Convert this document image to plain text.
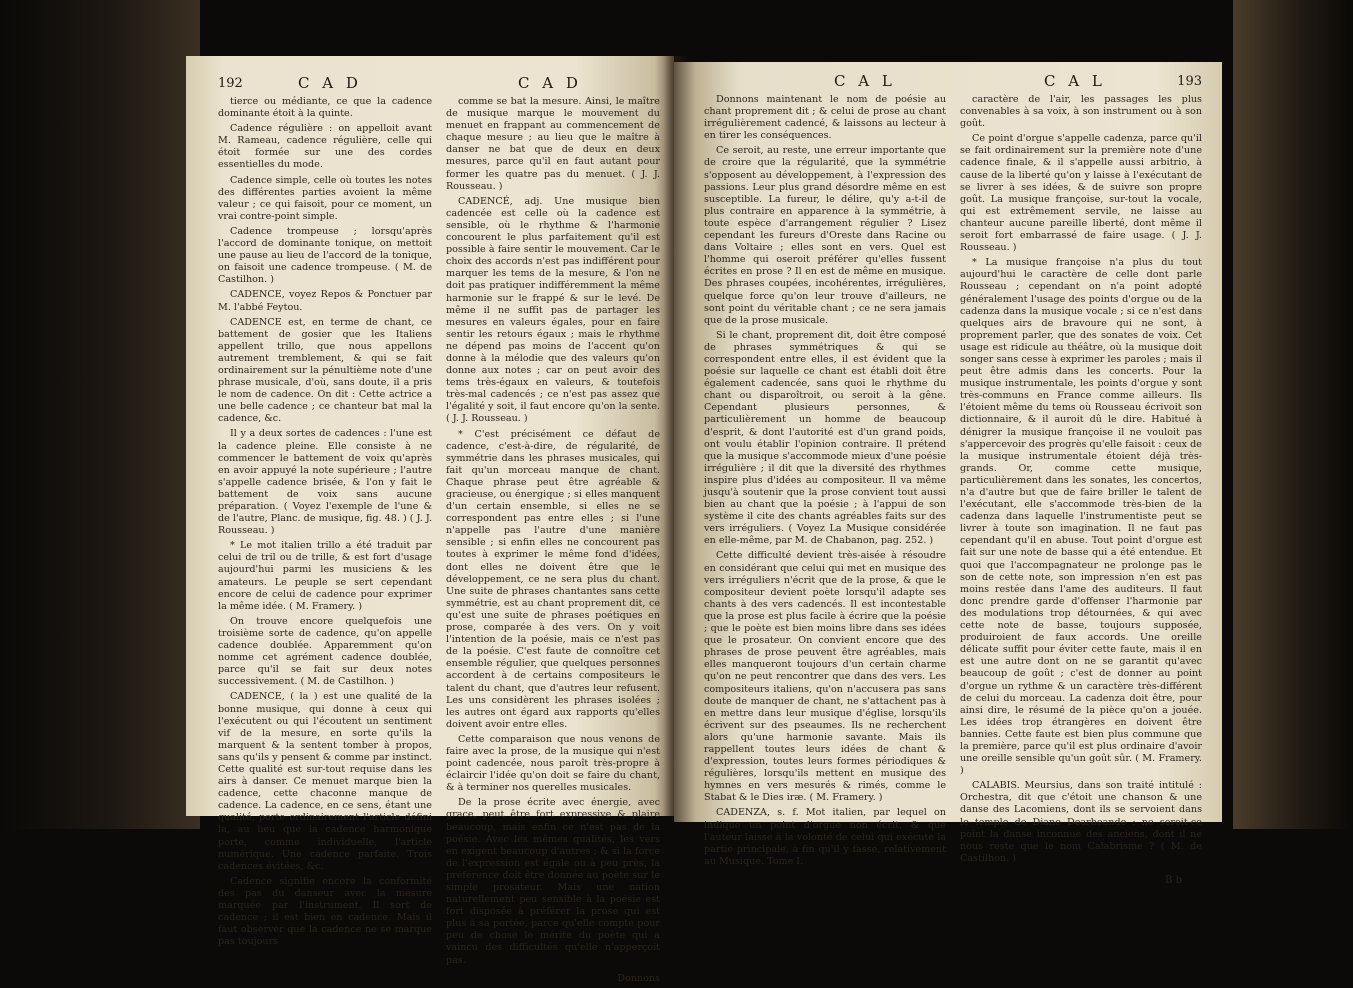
192	C A D	C A D

tierce ou médiante, ce que la cadence dominante étoit à la quinte.

Cadence régulière : on appelloit avant M. Rameau, cadence régulière, celle qui étoit formée sur une des cordes essentielles du mode.

Cadence simple, celle où toutes les notes des différentes parties avoient la même valeur ; ce qui faisoit, pour ce moment, un vrai contre-point simple.

Cadence trompeuse ; lorsqu'après l'accord de dominante tonique, on mettoit une pause au lieu de l'accord de la tonique, on faisoit une cadence trompeuse. ( M. de Castilhon. )

CADENCE, voyez Repos & Ponctuer par M. l'abbé Feytou.

CADENCE est, en terme de chant, ce battement de gosier que les Italiens appellent trillo, que nous appellons autrement tremblement, & qui se fait ordinairement sur la pénultième note d'une phrase musicale, d'où, sans doute, il a pris le nom de cadence. On dit : Cette actrice a une belle cadence ; ce chanteur bat mal la cadence, &c.

Il y a deux sortes de cadences : l'une est la cadence pleine. Elle consiste à ne commencer le battement de voix qu'après en avoir appuyé la note supérieure ; l'autre s'appelle cadence brisée, & l'on y fait le battement de voix sans aucune préparation. ( Voyez l'exemple de l'une & de l'autre, Planc. de musique, fig. 48. ) ( J. J. Rousseau. )

* Le mot italien trillo a été traduit par celui de tril ou de trille, & est fort d'usage aujourd'hui parmi les musiciens & les amateurs. Le peuple se sert cependant encore de celui de cadence pour exprimer la même idée. ( M. Framery. )

On trouve encore quelquefois une troisième sorte de cadence, qu'on appelle cadence doublée. Apparemment qu'on nomme cet agrément cadence doublée, parce qu'il se fait sur deux notes successivement. ( M. de Castilhon. )

CADENCE, ( la ) est une qualité de la bonne musique, qui donne à ceux qui l'exécutent ou qui l'écoutent un sentiment vif de la mesure, en sorte qu'ils la marquent & la sentent tomber à propos, sans qu'ils y pensent & comme par instinct. Cette qualité est sur-tout requise dans les airs à danser. Ce menuet marque bien la cadence, cette chaconne manque de cadence. La cadence, en ce sens, étant une qualité, porte ordinairement l'article défini la, au lieu que la cadence harmonique porte, comme individuelle, l'article numérique. Une cadence parfaite. Trois cadences évitées, &c.

Cadence signifie encore la conformité des pas du danseur avec la mesure marquée par l'instrument. Il sort de cadence ; il est bien en cadence. Mais il faut observer que la cadence ne se marque pas toujours

comme se bat la mesure. Ainsi, le maître de musique marque le mouvement du menuet en frappant au commencement de chaque mesure ; au lieu que le maître à danser ne bat que de deux en deux mesures, parce qu'il en faut autant pour former les quatre pas du menuet. ( J. J. Rousseau. )

CADENCÉ, adj. Une musique bien cadencée est celle où la cadence est sensible, où le rhythme & l'harmonie concourent le plus parfaitement qu'il est possible à faire sentir le mouvement. Car le choix des accords n'est pas indifférent pour marquer les tems de la mesure, & l'on ne doit pas pratiquer indifféremment la même harmonie sur le frappé & sur le levé. De même il ne suffit pas de partager les mesures en valeurs égales, pour en faire sentir les retours égaux ; mais le rhythme ne dépend pas moins de l'accent qu'on donne à la mélodie que des valeurs qu'on donne aux notes ; car on peut avoir des tems très-égaux en valeurs, & toutefois très-mal cadencés ; ce n'est pas assez que l'égalité y soit, il faut encore qu'on la sente. ( J. J. Rousseau. )

* C'est précisément ce défaut de cadence, c'est-à-dire, de régularité, de symmétrie dans les phrases musicales, qui fait qu'un morceau manque de chant. Chaque phrase peut être agréable & gracieuse, ou énergique ; si elles manquent d'un certain ensemble, si elles ne se correspondent pas entre elles ; si l'une n'appelle pas l'autre d'une manière sensible ; si enfin elles ne concourent pas toutes à exprimer le même fond d'idées, dont elles ne doivent être que le développement, ce ne sera plus du chant. Une suite de phrases chantantes sans cette symmétrie, est au chant proprement dit, ce qu'est une suite de phrases poétiques en prose, comparée à des vers. On y voit l'intention de la poésie, mais ce n'est pas de la poésie. C'est faute de connoître cet ensemble régulier, que quelques personnes accordent à de certains compositeurs le talent du chant, que d'autres leur refusent. Les uns considèrent les phrases isolées ; les autres ont égard aux rapports qu'elles doivent avoir entre elles.

Cette comparaison que nous venons de faire avec la prose, de la musique qui n'est point cadencée, nous paroît très-propre à éclaircir l'idée qu'on doit se faire du chant, & à terminer nos querelles musicales.

De la prose écrite avec énergie, avec grace, peut être fort expressive & plaire beaucoup, mais enfin ce n'est pas de la poésie. Avec les mêmes qualités, les vers en exigent beaucoup d'autres ; & si la force de l'expression est égale ou à peu près, la préférence doit être donnée au poète sur le simple prosateur. Mais une nation naturellement peu sensible à la poésie est fort disposée à préférer la prose qui est plus à sa portée, parce qu'elle compte pour peu de chose le mérite du poète qui a vaincu des difficultés qu'elle n'apperçoit pas.

Donnons

C A L	C A L	193

Donnons maintenant le nom de poésie au chant proprement dit ; & celui de prose au chant irrégulièrement cadencé, & laissons au lecteur à en tirer les conséquences.

Ce seroit, au reste, une erreur importante que de croire que la régularité, que la symmétrie s'opposent au développement, à l'expression des passions. Leur plus grand désordre même en est susceptible. La fureur, le délire, qu'y a-t-il de plus contraire en apparence à la symmétrie, à toute espèce d'arrangement régulier ? Lisez cependant les fureurs d'Oreste dans Racine ou dans Voltaire ; elles sont en vers. Quel est l'homme qui oseroit préférer qu'elles fussent écrites en prose ? Il en est de même en musique. Des phrases coupées, incohérentes, irrégulières, quelque force qu'on leur trouve d'ailleurs, ne sont point du véritable chant ; ce ne sera jamais que de la prose musicale.

Si le chant, proprement dit, doit être composé de phrases symmétriques & qui se correspondent entre elles, il est évident que la poésie sur laquelle ce chant est établi doit être également cadencée, sans quoi le rhythme du chant ou disparoîtroit, ou seroit à la gêne. Cependant plusieurs personnes, & particulièrement un homme de beaucoup d'esprit, & dont l'autorité est d'un grand poids, ont voulu établir l'opinion contraire. Il prétend que la musique s'accommode mieux d'une poésie irrégulière ; il dit que la diversité des rhythmes inspire plus d'idées au compositeur. Il va même jusqu'à soutenir que la prose convient tout aussi bien au chant que la poésie ; à l'appui de son système il cite des chants agréables faits sur des vers irréguliers. ( Voyez La Musique considérée en elle-même, par M. de Chabanon, pag. 252. )

Cette difficulté devient très-aisée à résoudre en considérant que celui qui met en musique des vers irréguliers n'écrit que de la prose, & que le compositeur devient poète lorsqu'il adapte ses chants à des vers cadencés. Il est incontestable que la prose est plus facile à écrire que la poésie ; que le poète est bien moins libre dans ses idées que le prosateur. On convient encore que des phrases de prose peuvent être agréables, mais elles manqueront toujours d'un certain charme qu'on ne peut rencontrer que dans des vers. Les compositeurs italiens, qu'on n'accusera pas sans doute de manquer de chant, ne s'attachent pas à en mettre dans leur musique d'église, lorsqu'ils écrivent sur des pseaumes. Ils ne recherchent alors qu'une harmonie savante. Mais ils rappellent toutes leurs idées de chant & d'expression, toutes leurs formes périodiques & régulières, lorsqu'ils mettent en musique des hymnes en vers mesurés & rimés, comme le Stabat & le Dies iræ. ( M. Framery. )

CADENZA, s. f. Mot italien, par lequel on indique un point d'orgue non écrit, & que l'auteur laisse à la volonté de celui qui exécute la partie principale, à fin qu'il y fasse, relativement au Musique. Tome I.

caractère de l'air, les passages les plus convenables à sa voix, à son instrument ou à son goût.

Ce point d'orgue s'appelle cadenza, parce qu'il se fait ordinairement sur la première note d'une cadence finale, & il s'appelle aussi arbitrio, à cause de la liberté qu'on y laisse à l'exécutant de se livrer à ses idées, & de suivre son propre goût. La musique françoise, sur-tout la vocale, qui est extrêmement servile, ne laisse au chanteur aucune pareille liberté, dont même il seroit fort embarrassé de faire usage. ( J. J. Rousseau. )

* La musique françoise n'a plus du tout aujourd'hui le caractère de celle dont parle Rousseau ; cependant on n'a point adopté généralement l'usage des points d'orgue ou de la cadenza dans la musique vocale ; si ce n'est dans quelques airs de bravoure qui ne sont, à proprement parler, que des sonates de voix. Cet usage est ridicule au théâtre, où la musique doit songer sans cesse à exprimer les paroles ; mais il peut être admis dans les concerts. Pour la musique instrumentale, les points d'orgue y sont très-communs en France comme ailleurs. Ils l'étoient même du tems où Rousseau écrivoit son dictionnaire, & il auroit dû le dire. Habitué à dénigrer la musique françoise il ne vouloit pas s'appercevoir des progrès qu'elle faisoit : ceux de la musique instrumentale étoient déjà très-grands. Or, comme cette musique, particulièrement dans les sonates, les concertos, n'a d'autre but que de faire briller le talent de l'exécutant, elle s'accommode très-bien de la cadenza dans laquelle l'instrumentiste peut se livrer à toute son imagination. Il ne faut pas cependant qu'il en abuse. Tout point d'orgue est fait sur une note de basse qui a été entendue. Et quoi que l'accompagnateur ne prolonge pas le son de cette note, son impression n'en est pas moins restée dans l'ame des auditeurs. Il faut donc prendre garde d'offenser l'harmonie par des modulations trop détournées, & qui avec cette note de basse, toujours supposée, produiroient de faux accords. Une oreille délicate suffit pour éviter cette faute, mais il en est une autre dont on ne se garantit qu'avec beaucoup de goût ; c'est de donner au point d'orgue un rythme & un caractère très-différent de celui du morceau. La cadenza doit être, pour ainsi dire, le résumé de la pièce qu'on a jouée. Les idées trop étrangères en doivent être bannies. Cette faute est bien plus commune que la première, parce qu'il est plus ordinaire d'avoir une oreille sensible qu'un goût sûr. ( M. Framery. )

CALABIS. Meursius, dans son traité intitulé : Orchestra, dit que c'étoit une chanson & une danse des Lacomiens, dont ils se servoient dans le temple de Diane Dearheande : ne seroit-ce point la danse inconnue des anciens, dont il ne nous reste que le nom Calabrisme ? ( M. de Castilhon. )

B b
